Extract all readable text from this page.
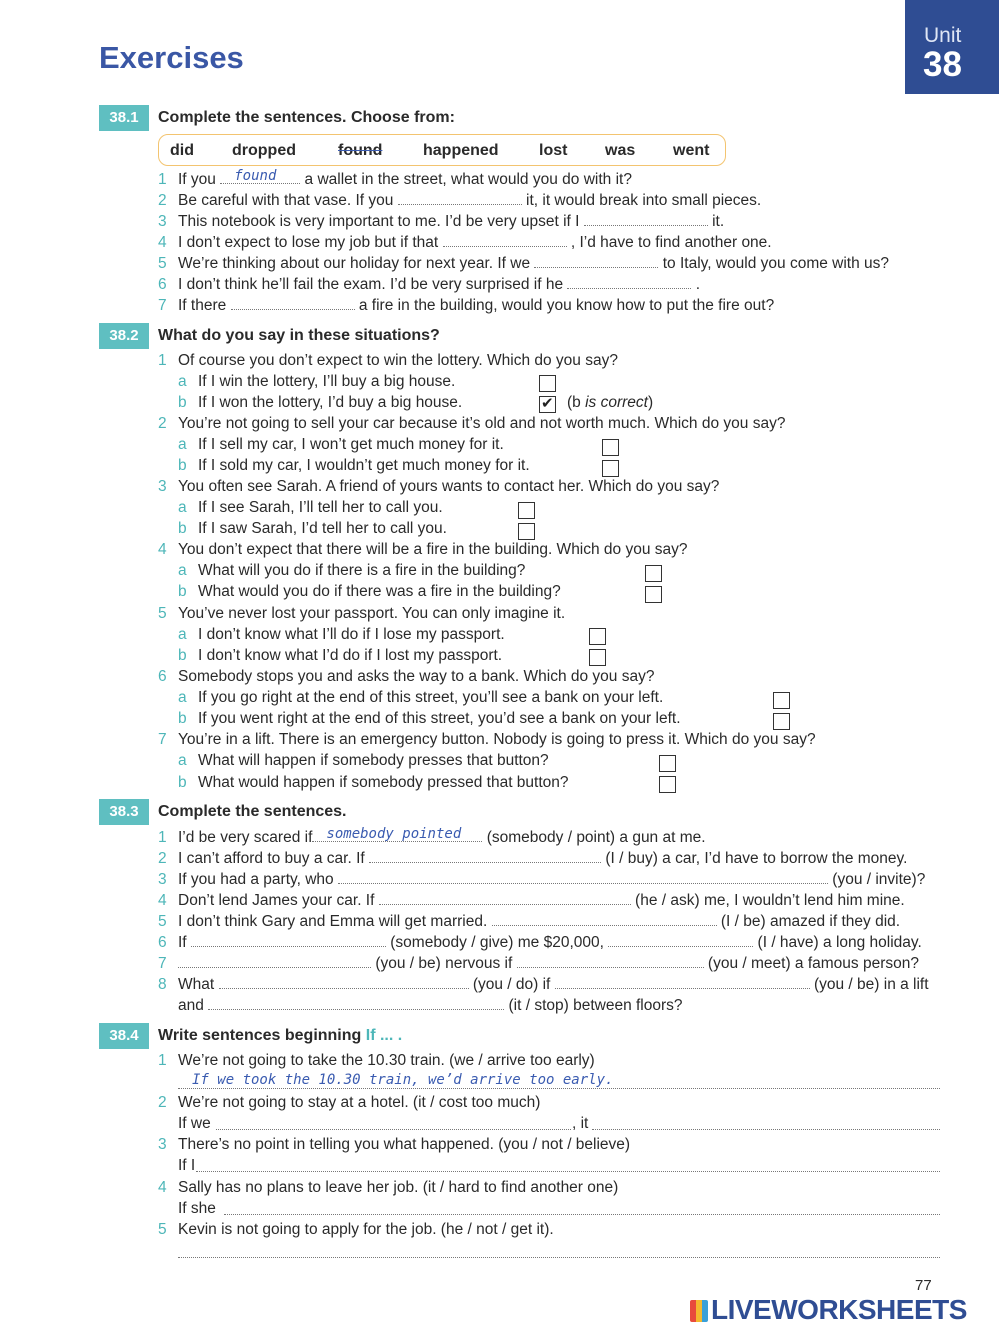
Exercises
Unit
38
38.1	Complete the sentences. Choose from:
did dropped	found	happened	lost was went
1 If you found a wallet in the street, what would you do with it?
2 Be careful with that vase. If you	it, it would break into small pieces.
3 This notebook is very important to me. I’d be very upset if I	it.
4 I don’t expect to lose my job but if that	, I’d have to find another one.
5 We’re thinking about our holiday for next year. If we	to Italy, would you come with us?
6 I don’t think he’ll fail the exam. I’d be very surprised if he	.
7 If there	a fire in the building, would you know how to put the fire out?
38.2	What do you say in these situations?
1 Of course you don’t expect to win the lottery. Which do you say?
a If I win the lottery, I’ll buy a big house.
b If I won the lottery, I’d buy a big house.	✔ (b is correct)
2 You’re not going to sell your car because it’s old and not worth much. Which do you say?
a If I sell my car, I won’t get much money for it.
b If I sold my car, I wouldn’t get much money for it.
3 You often see Sarah. A friend of yours wants to contact her. Which do you say?
a If I see Sarah, I’ll tell her to call you.
b If I saw Sarah, I’d tell her to call you.
4 You don’t expect that there will be a fire in the building. Which do you say?
a What will you do if there is a fire in the building?
b What would you do if there was a fire in the building?
5 You’ve never lost your passport. You can only imagine it.
a I don’t know what I’ll do if I lose my passport.
b I don’t know what I’d do if I lost my passport.
6 Somebody stops you and asks the way to a bank. Which do you say?
a If you go right at the end of this street, you’ll see a bank on your left.
b If you went right at the end of this street, you’d see a bank on your left.
7 You’re in a lift. There is an emergency button. Nobody is going to press it. Which do you say?
a What will happen if somebody presses that button?
b What would happen if somebody pressed that button?
38.3	Complete the sentences.
1 I’d be very scared if somebody pointed (somebody / point) a gun at me.
2 I can’t afford to buy a car. If	(I / buy) a car, I’d have to borrow the money.
3 If you had a party, who	(you / invite)?
4 Don’t lend James your car. If	(he / ask) me, I wouldn’t lend him mine.
5 I don’t think Gary and Emma will get married.	(I / be) amazed if they did.
6 If	(somebody / give) me $20,000,	(I / have) a long holiday.
7	(you / be) nervous if	(you / meet) a famous person?
8 What	(you / do) if	(you / be) in a lift
and	(it / stop) between floors?
38.4	Write sentences beginning If ... .
1 We’re not going to take the 10.30 train. (we / arrive too early)
If we took the 10.30 train, we’d arrive too early.
2 We’re not going to stay at a hotel. (it / cost too much)
If we	, it
3 There’s no point in telling you what happened. (you / not / believe)
If I
4 Sally has no plans to leave her job. (it / hard to find another one)
If she
5 Kevin is not going to apply for the job. (he / not / get it).
77
LIVEWORKSHEETS
